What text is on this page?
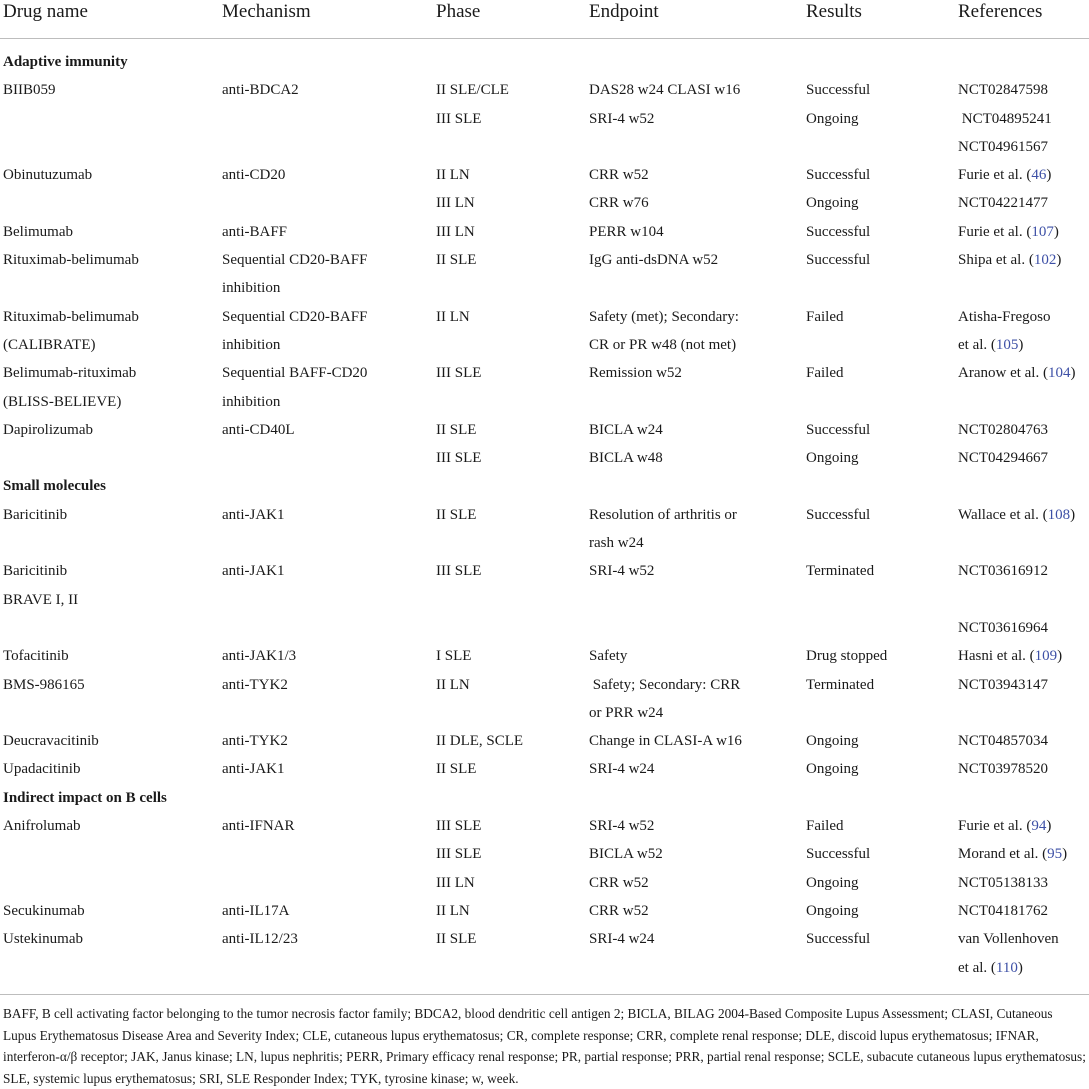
Drug name	Mechanism	Phase	Endpoint	Results	References
Adaptive immunity					
BIIB059	anti-BDCA2	II SLE/CLE	DAS28 w24 CLASI w16	Successful	NCT02847598
		III SLE	SRI-4 w52	Ongoing	NCT04895241
					NCT04961567
Obinutuzumab	anti-CD20	II LN	CRR w52	Successful	Furie et al. (46)
		III LN	CRR w76	Ongoing	NCT04221477
Belimumab	anti-BAFF	III LN	PERR w104	Successful	Furie et al. (107)
Rituximab-belimumab	Sequential CD20-BAFF	II SLE	IgG anti-dsDNA w52	Successful	Shipa et al. (102)
	inhibition				
Rituximab-belimumab	Sequential CD20-BAFF	II LN	Safety (met); Secondary:	Failed	Atisha-Fregoso
(CALIBRATE)	inhibition		CR or PR w48 (not met)		et al. (105)
Belimumab-rituximab	Sequential BAFF-CD20	III SLE	Remission w52	Failed	Aranow et al. (104)
(BLISS-BELIEVE)	inhibition				
Dapirolizumab	anti-CD40L	II SLE	BICLA w24	Successful	NCT02804763
		III SLE	BICLA w48	Ongoing	NCT04294667
Small molecules					
Baricitinib	anti-JAK1	II SLE	Resolution of arthritis or	Successful	Wallace et al. (108)
			rash w24		
Baricitinib	anti-JAK1	III SLE	SRI-4 w52	Terminated	NCT03616912
BRAVE I, II					
					NCT03616964
Tofacitinib	anti-JAK1/3	I SLE	Safety	Drug stopped	Hasni et al. (109)
BMS-986165	anti-TYK2	II LN	Safety; Secondary: CRR	Terminated	NCT03943147
			or PRR w24		
Deucravacitinib	anti-TYK2	II DLE, SCLE	Change in CLASI-A w16	Ongoing	NCT04857034
Upadacitinib	anti-JAK1	II SLE	SRI-4 w24	Ongoing	NCT03978520
Indirect impact on B cells					
Anifrolumab	anti-IFNAR	III SLE	SRI-4 w52	Failed	Furie et al. (94)
		III SLE	BICLA w52	Successful	Morand et al. (95)
		III LN	CRR w52	Ongoing	NCT05138133
Secukinumab	anti-IL17A	II LN	CRR w52	Ongoing	NCT04181762
Ustekinumab	anti-IL12/23	II SLE	SRI-4 w24	Successful	van Vollenhoven
					et al. (110)
BAFF, B cell activating factor belonging to the tumor necrosis factor family; BDCA2, blood dendritic cell antigen 2; BICLA, BILAG 2004-Based Composite Lupus Assessment; CLASI, Cutaneous Lupus Erythematosus Disease Area and Severity Index; CLE, cutaneous lupus erythematosus; CR, complete response; CRR, complete renal response; DLE, discoid lupus erythematosus; IFNAR, interferon-α/β receptor; JAK, Janus kinase; LN, lupus nephritis; PERR, Primary efficacy renal response; PR, partial response; PRR, partial renal response; SCLE, subacute cutaneous lupus erythematosus; SLE, systemic lupus erythematosus; SRI, SLE Responder Index; TYK, tyrosine kinase; w, week.
